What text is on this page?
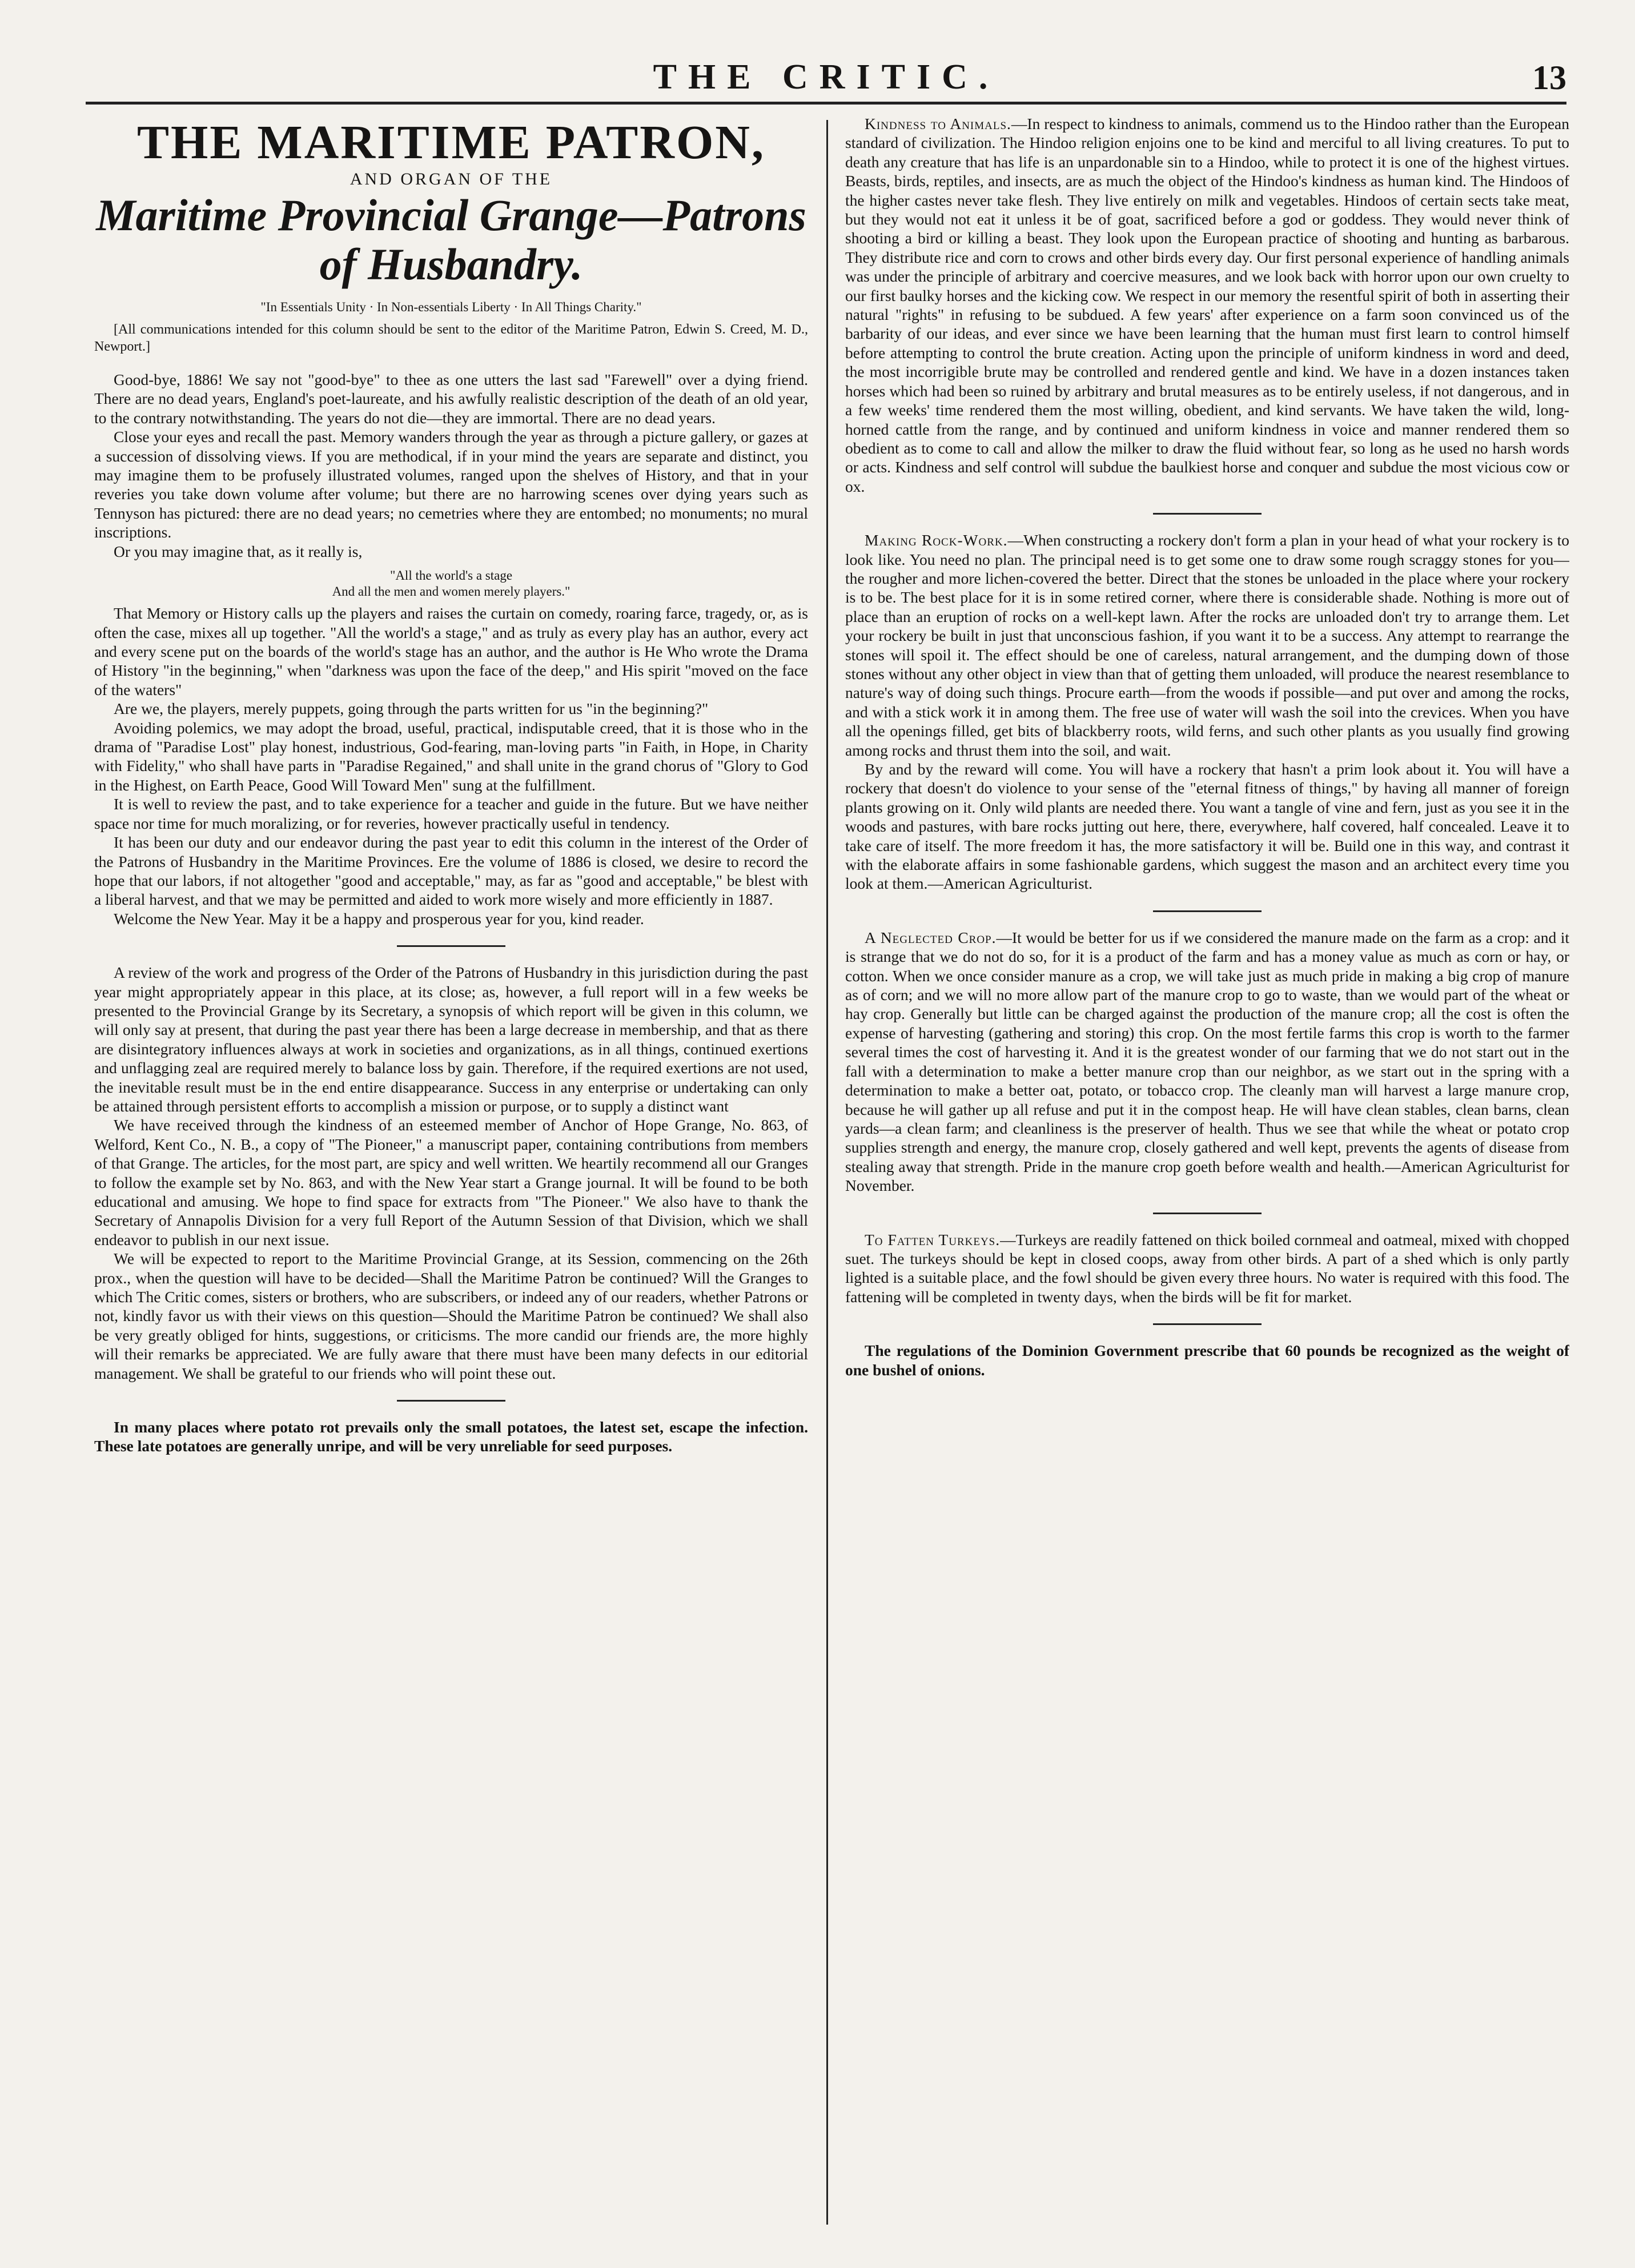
THE CRITIC.	13
THE MARITIME PATRON,
AND ORGAN OF THE
Maritime Provincial Grange—Patrons of Husbandry.
"In Essentials Unity · In Non-essentials Liberty · In All Things Charity."
[All communications intended for this column should be sent to the editor of the Maritime Patron, Edwin S. Creed, M. D., Newport.]

Good-bye, 1886! We say not "good-bye" to thee as one utters the last sad "Farewell" over a dying friend. There are no dead years, England's poet-laureate, and his awfully realistic description of the death of an old year, to the contrary notwithstanding. The years do not die—they are immortal. There are no dead years.

Close your eyes and recall the past. Memory wanders through the year as through a picture gallery, or gazes at a succession of dissolving views. If you are methodical, if in your mind the years are separate and distinct, you may imagine them to be profusely illustrated volumes, ranged upon the shelves of History, and that in your reveries you take down volume after volume; but there are no harrowing scenes over dying years such as Tennyson has pictured: there are no dead years; no cemetries where they are entombed; no monuments; no mural inscriptions.

Or you may imagine that, as it really is,

"All the world's a stage
And all the men and women merely players."

That Memory or History calls up the players and raises the curtain on comedy, roaring farce, tragedy, or, as is often the case, mixes all up together. "All the world's a stage," and as truly as every play has an author, every act and every scene put on the boards of the world's stage has an author, and the author is He Who wrote the Drama of History "in the beginning," when "darkness was upon the face of the deep," and His spirit "moved on the face of the waters"

Are we, the players, merely puppets, going through the parts written for us "in the beginning?"

Avoiding polemics, we may adopt the broad, useful, practical, indisputable creed, that it is those who in the drama of "Paradise Lost" play honest, industrious, God-fearing, man-loving parts "in Faith, in Hope, in Charity with Fidelity," who shall have parts in "Paradise Regained," and shall unite in the grand chorus of "Glory to God in the Highest, on Earth Peace, Good Will Toward Men" sung at the fulfillment.

It is well to review the past, and to take experience for a teacher and guide in the future. But we have neither space nor time for much moralizing, or for reveries, however practically useful in tendency.

It has been our duty and our endeavor during the past year to edit this column in the interest of the Order of the Patrons of Husbandry in the Maritime Provinces. Ere the volume of 1886 is closed, we desire to record the hope that our labors, if not altogether "good and acceptable," may, as far as "good and acceptable," be blest with a liberal harvest, and that we may be permitted and aided to work more wisely and more efficiently in 1887.

Welcome the New Year. May it be a happy and prosperous year for you, kind reader.

A review of the work and progress of the Order of the Patrons of Husbandry in this jurisdiction during the past year might appropriately appear in this place, at its close; as, however, a full report will in a few weeks be presented to the Provincial Grange by its Secretary, a synopsis of which report will be given in this column, we will only say at present, that during the past year there has been a large decrease in membership, and that as there are disintegratory influences always at work in societies and organizations, as in all things, continued exertions and unflagging zeal are required merely to balance loss by gain. Therefore, if the required exertions are not used, the inevitable result must be in the end entire disappearance. Success in any enterprise or undertaking can only be attained through persistent efforts to accomplish a mission or purpose, or to supply a distinct want

We have received through the kindness of an esteemed member of Anchor of Hope Grange, No. 863, of Welford, Kent Co., N. B., a copy of "The Pioneer," a manuscript paper, containing contributions from members of that Grange. The articles, for the most part, are spicy and well written. We heartily recommend all our Granges to follow the example set by No. 863, and with the New Year start a Grange journal. It will be found to be both educational and amusing. We hope to find space for extracts from "The Pioneer." We also have to thank the Secretary of Annapolis Division for a very full Report of the Autumn Session of that Division, which we shall endeavor to publish in our next issue.

We will be expected to report to the Maritime Provincial Grange, at its Session, commencing on the 26th prox., when the question will have to be decided—Shall the Maritime Patron be continued? Will the Granges to which The Critic comes, sisters or brothers, who are subscribers, or indeed any of our readers, whether Patrons or not, kindly favor us with their views on this question—Should the Maritime Patron be continued? We shall also be very greatly obliged for hints, suggestions, or criticisms. The more candid our friends are, the more highly will their remarks be appreciated. We are fully aware that there must have been many defects in our editorial management. We shall be grateful to our friends who will point these out.

In many places where potato rot prevails only the small potatoes, the latest set, escape the infection. These late potatoes are generally unripe, and will be very unreliable for seed purposes.

Kindness to Animals.—In respect to kindness to animals, commend us to the Hindoo rather than the European standard of civilization. The Hindoo religion enjoins one to be kind and merciful to all living creatures. To put to death any creature that has life is an unpardonable sin to a Hindoo, while to protect it is one of the highest virtues. Beasts, birds, reptiles, and insects, are as much the object of the Hindoo's kindness as human kind. The Hindoos of the higher castes never take flesh. They live entirely on milk and vegetables. Hindoos of certain sects take meat, but they would not eat it unless it be of goat, sacrificed before a god or goddess. They would never think of shooting a bird or killing a beast. They look upon the European practice of shooting and hunting as barbarous. They distribute rice and corn to crows and other birds every day. Our first personal experience of handling animals was under the principle of arbitrary and coercive measures, and we look back with horror upon our own cruelty to our first baulky horses and the kicking cow. We respect in our memory the resentful spirit of both in asserting their natural "rights" in refusing to be subdued. A few years' after experience on a farm soon convinced us of the barbarity of our ideas, and ever since we have been learning that the human must first learn to control himself before attempting to control the brute creation. Acting upon the principle of uniform kindness in word and deed, the most incorrigible brute may be controlled and rendered gentle and kind. We have in a dozen instances taken horses which had been so ruined by arbitrary and brutal measures as to be entirely useless, if not dangerous, and in a few weeks' time rendered them the most willing, obedient, and kind servants. We have taken the wild, long-horned cattle from the range, and by continued and uniform kindness in voice and manner rendered them so obedient as to come to call and allow the milker to draw the fluid without fear, so long as he used no harsh words or acts. Kindness and self control will subdue the baulkiest horse and conquer and subdue the most vicious cow or ox.

Making Rock-Work.—When constructing a rockery don't form a plan in your head of what your rockery is to look like. You need no plan. The principal need is to get some one to draw some rough scraggy stones for you—the rougher and more lichen-covered the better. Direct that the stones be unloaded in the place where your rockery is to be. The best place for it is in some retired corner, where there is considerable shade. Nothing is more out of place than an eruption of rocks on a well-kept lawn. After the rocks are unloaded don't try to arrange them. Let your rockery be built in just that unconscious fashion, if you want it to be a success. Any attempt to rearrange the stones will spoil it. The effect should be one of careless, natural arrangement, and the dumping down of those stones without any other object in view than that of getting them unloaded, will produce the nearest resemblance to nature's way of doing such things. Procure earth—from the woods if possible—and put over and among the rocks, and with a stick work it in among them. The free use of water will wash the soil into the crevices. When you have all the openings filled, get bits of blackberry roots, wild ferns, and such other plants as you usually find growing among rocks and thrust them into the soil, and wait.

By and by the reward will come. You will have a rockery that hasn't a prim look about it. You will have a rockery that doesn't do violence to your sense of the "eternal fitness of things," by having all manner of foreign plants growing on it. Only wild plants are needed there. You want a tangle of vine and fern, just as you see it in the woods and pastures, with bare rocks jutting out here, there, everywhere, half covered, half concealed. Leave it to take care of itself. The more freedom it has, the more satisfactory it will be. Build one in this way, and contrast it with the elaborate affairs in some fashionable gardens, which suggest the mason and an architect every time you look at them.—American Agriculturist.

A Neglected Crop.—It would be better for us if we considered the manure made on the farm as a crop: and it is strange that we do not do so, for it is a product of the farm and has a money value as much as corn or hay, or cotton. When we once consider manure as a crop, we will take just as much pride in making a big crop of manure as of corn; and we will no more allow part of the manure crop to go to waste, than we would part of the wheat or hay crop. Generally but little can be charged against the production of the manure crop; all the cost is often the expense of harvesting (gathering and storing) this crop. On the most fertile farms this crop is worth to the farmer several times the cost of harvesting it. And it is the greatest wonder of our farming that we do not start out in the fall with a determination to make a better manure crop than our neighbor, as we start out in the spring with a determination to make a better oat, potato, or tobacco crop. The cleanly man will harvest a large manure crop, because he will gather up all refuse and put it in the compost heap. He will have clean stables, clean barns, clean yards—a clean farm; and cleanliness is the preserver of health. Thus we see that while the wheat or potato crop supplies strength and energy, the manure crop, closely gathered and well kept, prevents the agents of disease from stealing away that strength. Pride in the manure crop goeth before wealth and health.—American Agriculturist for November.

To Fatten Turkeys.—Turkeys are readily fattened on thick boiled cornmeal and oatmeal, mixed with chopped suet. The turkeys should be kept in closed coops, away from other birds. A part of a shed which is only partly lighted is a suitable place, and the fowl should be given every three hours. No water is required with this food. The fattening will be completed in twenty days, when the birds will be fit for market.

The regulations of the Dominion Government prescribe that 60 pounds be recognized as the weight of one bushel of onions.
